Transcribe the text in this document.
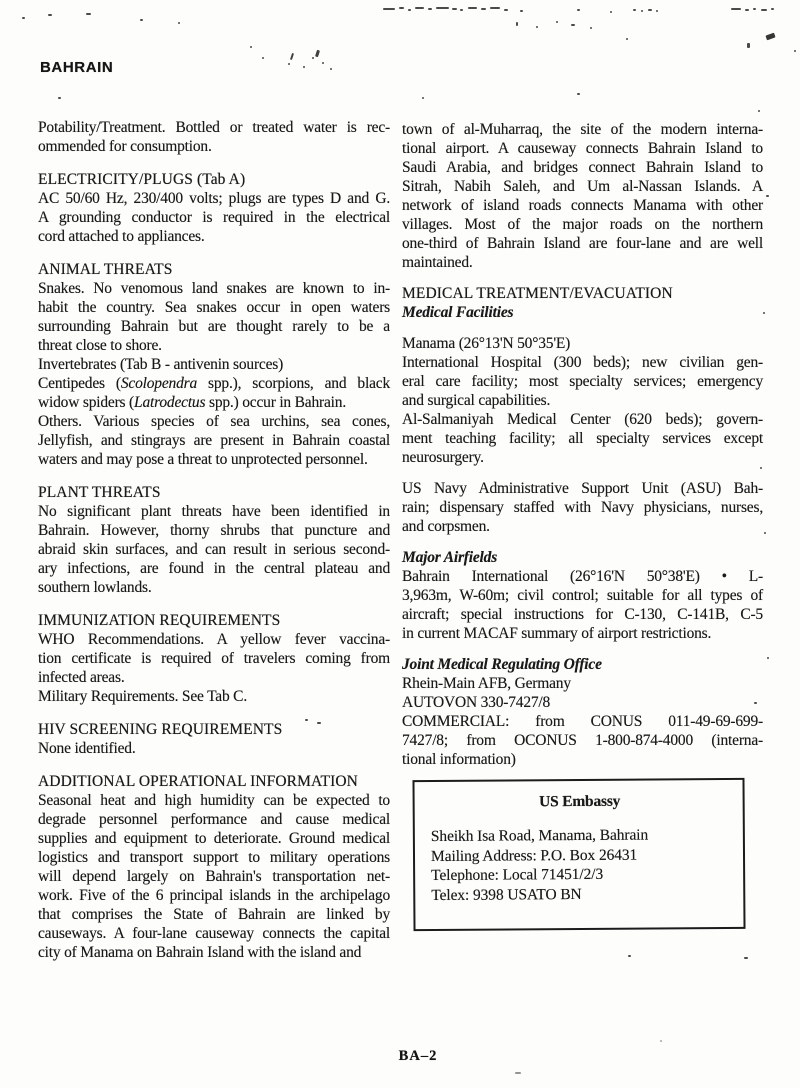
BAHRAIN
Potability/Treatment. Bottled or treated water is rec-
ommended for consumption.
ELECTRICITY/PLUGS (Tab A)
AC 50/60 Hz, 230/400 volts; plugs are types D and G.
A grounding conductor is required in the electrical
cord attached to appliances.
ANIMAL THREATS
Snakes. No venomous land snakes are known to in-
habit the country. Sea snakes occur in open waters
surrounding Bahrain but are thought rarely to be a
threat close to shore.
Invertebrates (Tab B - antivenin sources)
Centipedes (Scolopendra spp.), scorpions, and black
widow spiders (Latrodectus spp.) occur in Bahrain.
Others. Various species of sea urchins, sea cones,
Jellyfish, and stingrays are present in Bahrain coastal
waters and may pose a threat to unprotected personnel.
PLANT THREATS
No significant plant threats have been identified in
Bahrain. However, thorny shrubs that puncture and
abraid skin surfaces, and can result in serious second-
ary infections, are found in the central plateau and
southern lowlands.
IMMUNIZATION REQUIREMENTS
WHO Recommendations. A yellow fever vaccina-
tion certificate is required of travelers coming from
infected areas.
Military Requirements. See Tab C.
HIV SCREENING REQUIREMENTS
None identified.
ADDITIONAL OPERATIONAL INFORMATION
Seasonal heat and high humidity can be expected to
degrade personnel performance and cause medical
supplies and equipment to deteriorate. Ground medical
logistics and transport support to military operations
will depend largely on Bahrain's transportation net-
work. Five of the 6 principal islands in the archipelago
that comprises the State of Bahrain are linked by
causeways. A four-lane causeway connects the capital
city of Manama on Bahrain Island with the island and
town of al-Muharraq, the site of the modern interna-
tional airport. A causeway connects Bahrain Island to
Saudi Arabia, and bridges connect Bahrain Island to
Sitrah, Nabih Saleh, and Um al-Nassan Islands. A
network of island roads connects Manama with other
villages. Most of the major roads on the northern
one-third of Bahrain Island are four-lane and are well
maintained.
MEDICAL TREATMENT/EVACUATION
Medical Facilities
Manama (26°13'N 50°35'E)
International Hospital (300 beds); new civilian gen-
eral care facility; most specialty services; emergency
and surgical capabilities.
Al-Salmaniyah Medical Center (620 beds); govern-
ment teaching facility; all specialty services except
neurosurgery.
US Navy Administrative Support Unit (ASU) Bah-
rain; dispensary staffed with Navy physicians, nurses,
and corpsmen.
Major Airfields
Bahrain International (26°16'N 50°38'E) • L-
3,963m, W-60m; civil control; suitable for all types of
aircraft; special instructions for C-130, C-141B, C-5
in current MACAF summary of airport restrictions.
Joint Medical Regulating Office
Rhein-Main AFB, Germany
AUTOVON 330-7427/8
COMMERCIAL: from CONUS 011-49-69-699-
7427/8; from OCONUS 1-800-874-4000 (interna-
tional information)
US Embassy
Sheikh Isa Road, Manama, Bahrain
Mailing Address: P.O. Box 26431
Telephone: Local 71451/2/3
Telex: 9398 USATO BN
BA–2
